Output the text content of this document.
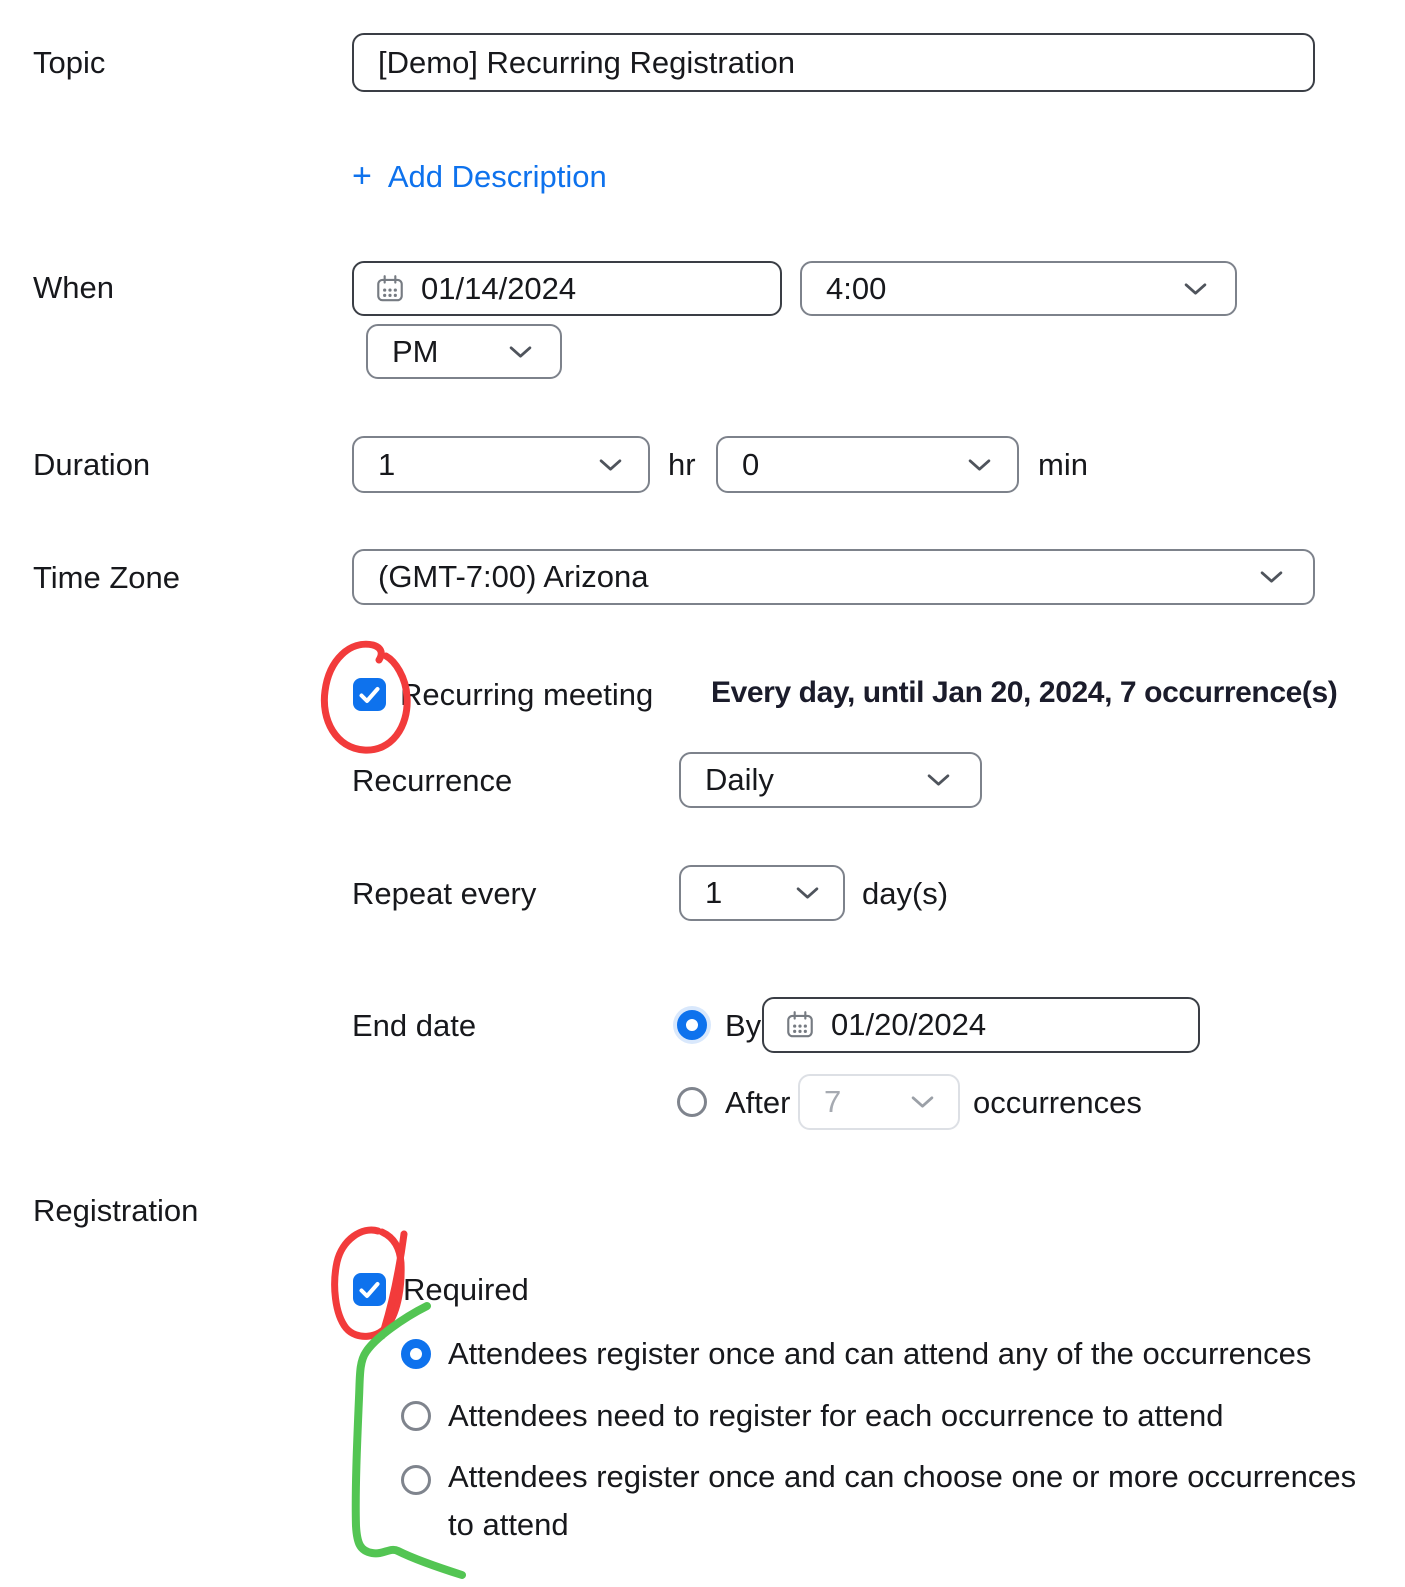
Topic	[Demo] Recurring Registration
+ Add Description
When	01/14/2024	4:00
PM
Duration	1	hr 0	min
Time Zone	(GMT-7:00) Arizona
Recurring meeting Every day, until Jan 20, 2024, 7 occurrence(s)
Recurrence	Daily
Repeat every	1	day(s)
End date	By 01/20/2024
After 7	occurrences
Registration
Required
Attendees register once and can attend any of the occurrences
Attendees need to register for each occurrence to attend
Attendees register once and can choose one or more occurrences to attend
